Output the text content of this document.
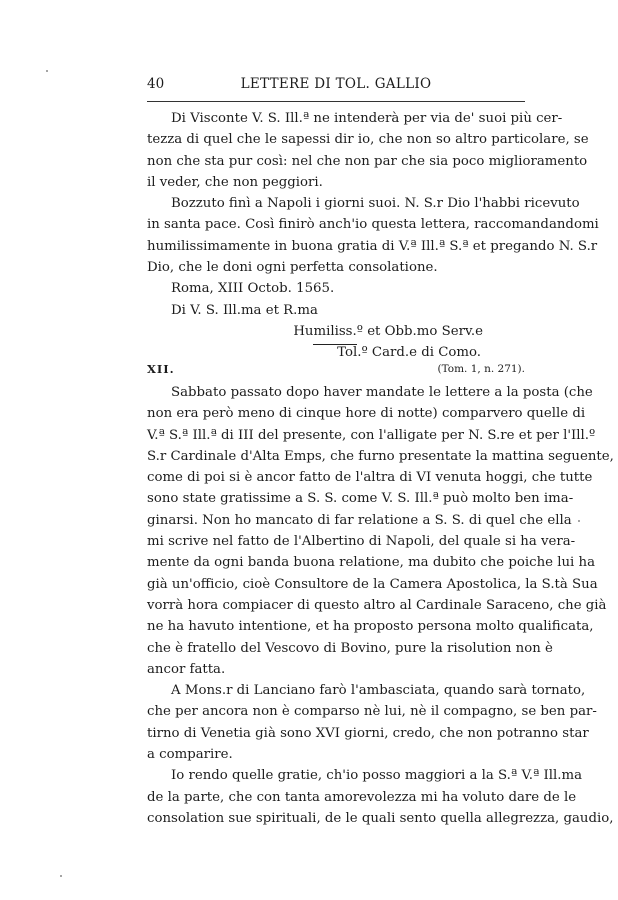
40	LETTERE DI TOL. GALLIO
Di Visconte V. S. Ill.ª ne intenderà per via de' suoi più cer-
tezza di quel che le sapessi dir io, che non so altro particolare, se
non che sta pur così: nel che non par che sia poco miglioramento
il veder, che non peggiori.
Bozzuto finì a Napoli i giorni suoi. N. S.r Dio l'habbi ricevuto
in santa pace. Così finirò anch'io questa lettera, raccomandandomi
humilissimamente in buona gratia di V.ª Ill.ª S.ª et pregando N. S.r
Dio, che le doni ogni perfetta consolatione.
Roma, XIII Octob. 1565.
Di V. S. Ill.ma et R.ma
Humiliss.º et Obb.mo Serv.e
Tol.º Card.e di Como.
XII.	(Tom. 1, n. 271).
Sabbato passato dopo haver mandate le lettere a la posta (che
non era però meno di cinque hore di notte) comparvero quelle di
V.ª S.ª Ill.ª di III del presente, con l'alligate per N. S.re et per l'Ill.º
S.r Cardinale d'Alta Emps, che furno presentate la mattina seguente,
come di poi si è ancor fatto de l'altra di VI venuta hoggi, che tutte
sono state gratissime a S. S. come V. S. Ill.ª può molto ben ima-
ginarsi. Non ho mancato di far relatione a S. S. di quel che ella
mi scrive nel fatto de l'Albertino di Napoli, del quale si ha vera-
mente da ogni banda buona relatione, ma dubito che poiche lui ha
già un'officio, cioè Consultore de la Camera Apostolica, la S.tà Sua
vorrà hora compiacer di questo altro al Cardinale Saraceno, che già
ne ha havuto intentione, et ha proposto persona molto qualificata,
che è fratello del Vescovo di Bovino, pure la risolution non è
ancor fatta.
A Mons.r di Lanciano farò l'ambasciata, quando sarà tornato,
che per ancora non è comparso nè lui, nè il compagno, se ben par-
tirno di Venetia già sono XVI giorni, credo, che non potranno star
a comparire.
Io rendo quelle gratie, ch'io posso maggiori a la S.ª V.ª Ill.ma
de la parte, che con tanta amorevolezza mi ha voluto dare de le
consolation sue spirituali, de le quali sento quella allegrezza, gaudio,
